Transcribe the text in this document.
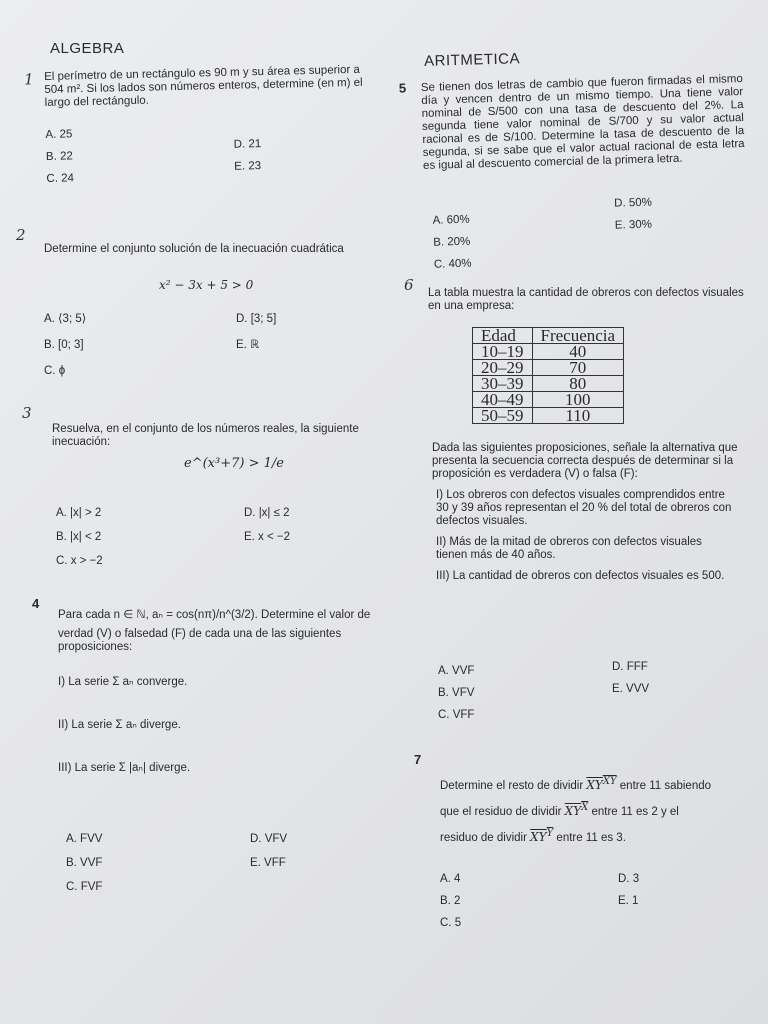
ALGEBRA
1 El perímetro de un rectángulo es 90 m y su área es superior a 504 m². Si los lados son números enteros, determine (en m) el largo del rectángulo.

A. 25
B. 22
C. 24
D. 21
E. 23
2

Determine el conjunto solución de la inecuación cuadrática

x² − 3x + 5 > 0
A. ⟨3; 5⟩
B. [0; 3]
C. ϕ
D. [3; 5]
E. ℝ
3

Resuelva, en el conjunto de los números reales, la siguiente inecuación:

e^(x³+7) > 1/e
A. |x| > 2
B. |x| < 2
C. x > −2
D. |x| ≤ 2
E. x < −2
4

Para cada n ∈ ℕ, aₙ = cos(nπ)/n^(3/2). Determine el valor de

verdad (V) o falsedad (F) de cada una de las siguientes proposiciones:

I) La serie Σ aₙ converge.

II) La serie Σ aₙ diverge.

III) La serie Σ |aₙ| diverge.

A. FVV
B. VVF
C. FVF
D. VFV
E. VFF
5
ARITMETICA

Se tienen dos letras de cambio que fueron firmadas el mismo día y vencen dentro de un mismo tiempo. Una tiene valor nominal de S/500 con una tasa de descuento del 2%. La segunda tiene valor nominal de S/700 y su valor actual racional es de S/100. Determine la tasa de descuento de la segunda, si se sabe que el valor actual racional de esta letra es igual al descuento comercial de la primera letra.

A. 60%
B. 20%
C. 40%
D. 50%
E. 30%
6 La tabla muestra la cantidad de obreros con defectos visuales en una empresa:

Edad	Frecuencia
10–19	40
20–29	70
30–39	80
40–49	100
50–59	110

Dada las siguientes proposiciones, señale la alternativa que presenta la secuencia correcta después de determinar si la proposición es verdadera (V) o falsa (F):

I) Los obreros con defectos visuales comprendidos entre 30 y 39 años representan el 20 % del total de obreros con defectos visuales.

II) Más de la mitad de obreros con defectos visuales tienen más de 40 años.

III) La cantidad de obreros con defectos visuales es 500.

A. VVF
B. VFV
C. VFF
D. FFF
E. VVV
7

Determine el resto de dividir $XY^{XY}$ entre 11 sabiendo

que el residuo de dividir $XY^X$ entre 11 es 2 y el

residuo de dividir $XY^Y$ entre 11 es 3.

A. 4
B. 2
C. 5
D. 3
E. 1
